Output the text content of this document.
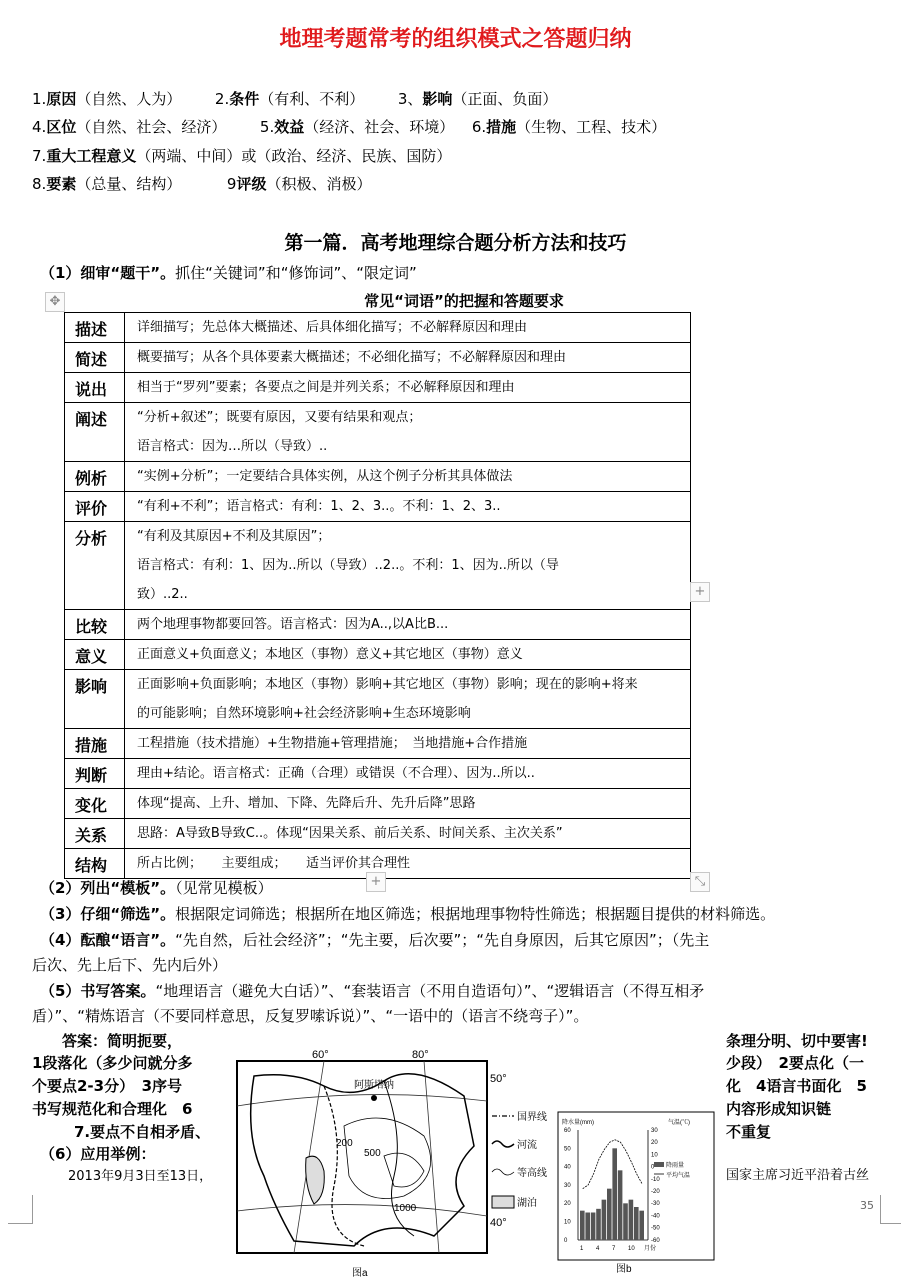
地理考题常考的组织模式之答题归纳
1.原因（自然、人为） 2.条件（有利、不利） 3、影响（正面、负面）
4.区位（自然、社会、经济） 5.效益（经济、社会、环境） 6.措施（生物、工程、技术）
7.重大工程意义（两端、中间）或（政治、经济、民族、国防）
8.要素（总量、结构）	9评级（积极、消极）
第一篇．高考地理综合题分析方法和技巧
（1）细审“题干”。抓住“关键词”和“修饰词”、“限定词”
✥	常见“词语”的把握和答题要求
描述	详细描写；先总体大概描述、后具体细化描写；不必解释原因和理由

简述	概要描写；从各个具体要素大概描述；不必细化描写；不必解释原因和理由

说出	相当于“罗列”要素；各要点之间是并列关系；不必解释原因和理由

阐述	“分析+叙述”；既要有原因，又要有结果和观点；
语言格式：因为…所以（导致）..

例析	“实例+分析”；一定要结合具体实例，从这个例子分析其具体做法

评价	“有利+不利”；语言格式：有利：1、2、3..。不利：1、2、3..

分析	“有利及其原因+不利及其原因”；
语言格式：有利：1、因为..所以（导致）..2..。不利：1、因为..所以（导
致）..2..

比较	两个地理事物都要回答。语言格式：因为A..,以A比B...

意义	正面意义+负面意义；本地区（事物）意义+其它地区（事物）意义

影响	正面影响+负面影响；本地区（事物）影响+其它地区（事物）影响；现在的影响+将来
的可能影响；自然环境影响+社会经济影响+生态环境影响

措施	工程措施（技术措施）+生物措施+管理措施；　当地措施+合作措施

判断	理由+结论。语言格式：正确（合理）或错误（不合理）、因为..所以..

变化	体现“提高、上升、增加、下降、先降后升、先升后降”思路

关系	思路：A导致B导致C..。体现“因果关系、前后关系、时间关系、主次关系”

结构	所占比例；　　主要组成；　　适当评价其合理性
+
+	⤡
（2）列出“模板”。（见常见模板）
（3）仔细“筛选”。根据限定词筛选；根据所在地区筛选；根据地理事物特性筛选；根据题目提供的材料筛选。
（4）酝酿“语言”。“先自然，后社会经济”；“先主要，后次要”；“先自身原因，后其它原因”；（先主
后次、先上后下、先内后外）
（5）书写答案。“地理语言（避免大白话）”、“套装语言（不用自造语句）”、“逻辑语言（不得互相矛
盾）”、“精炼语言（不要同样意思，反复罗嗦诉说）”、“一语中的（语言不绕弯子）”。
答案：简明扼要，
1段落化（多少问就分多
个要点2-3分）　3序号
书写规范化和合理化　6
7.要点不自相矛盾、
条理分明、切中要害!
少段）　2要点化（一
化　4语言书面化　5
内容形成知识链
不重复
（6）应用举例：
2013年9月3日至13日，	国家主席习近平沿着古丝
阿斯塔纳
60°	80°
50°
40°
200
500
1000
国界线
河流
等高线
湖泊
图a
降水量(mm)	气温(℃)
60
50
40
30
20
10
0
30
20
10
0
-10
-20
-30
-40
-50
-60
1 4 7 10 月份
降雨量
平均气温
图b
35
